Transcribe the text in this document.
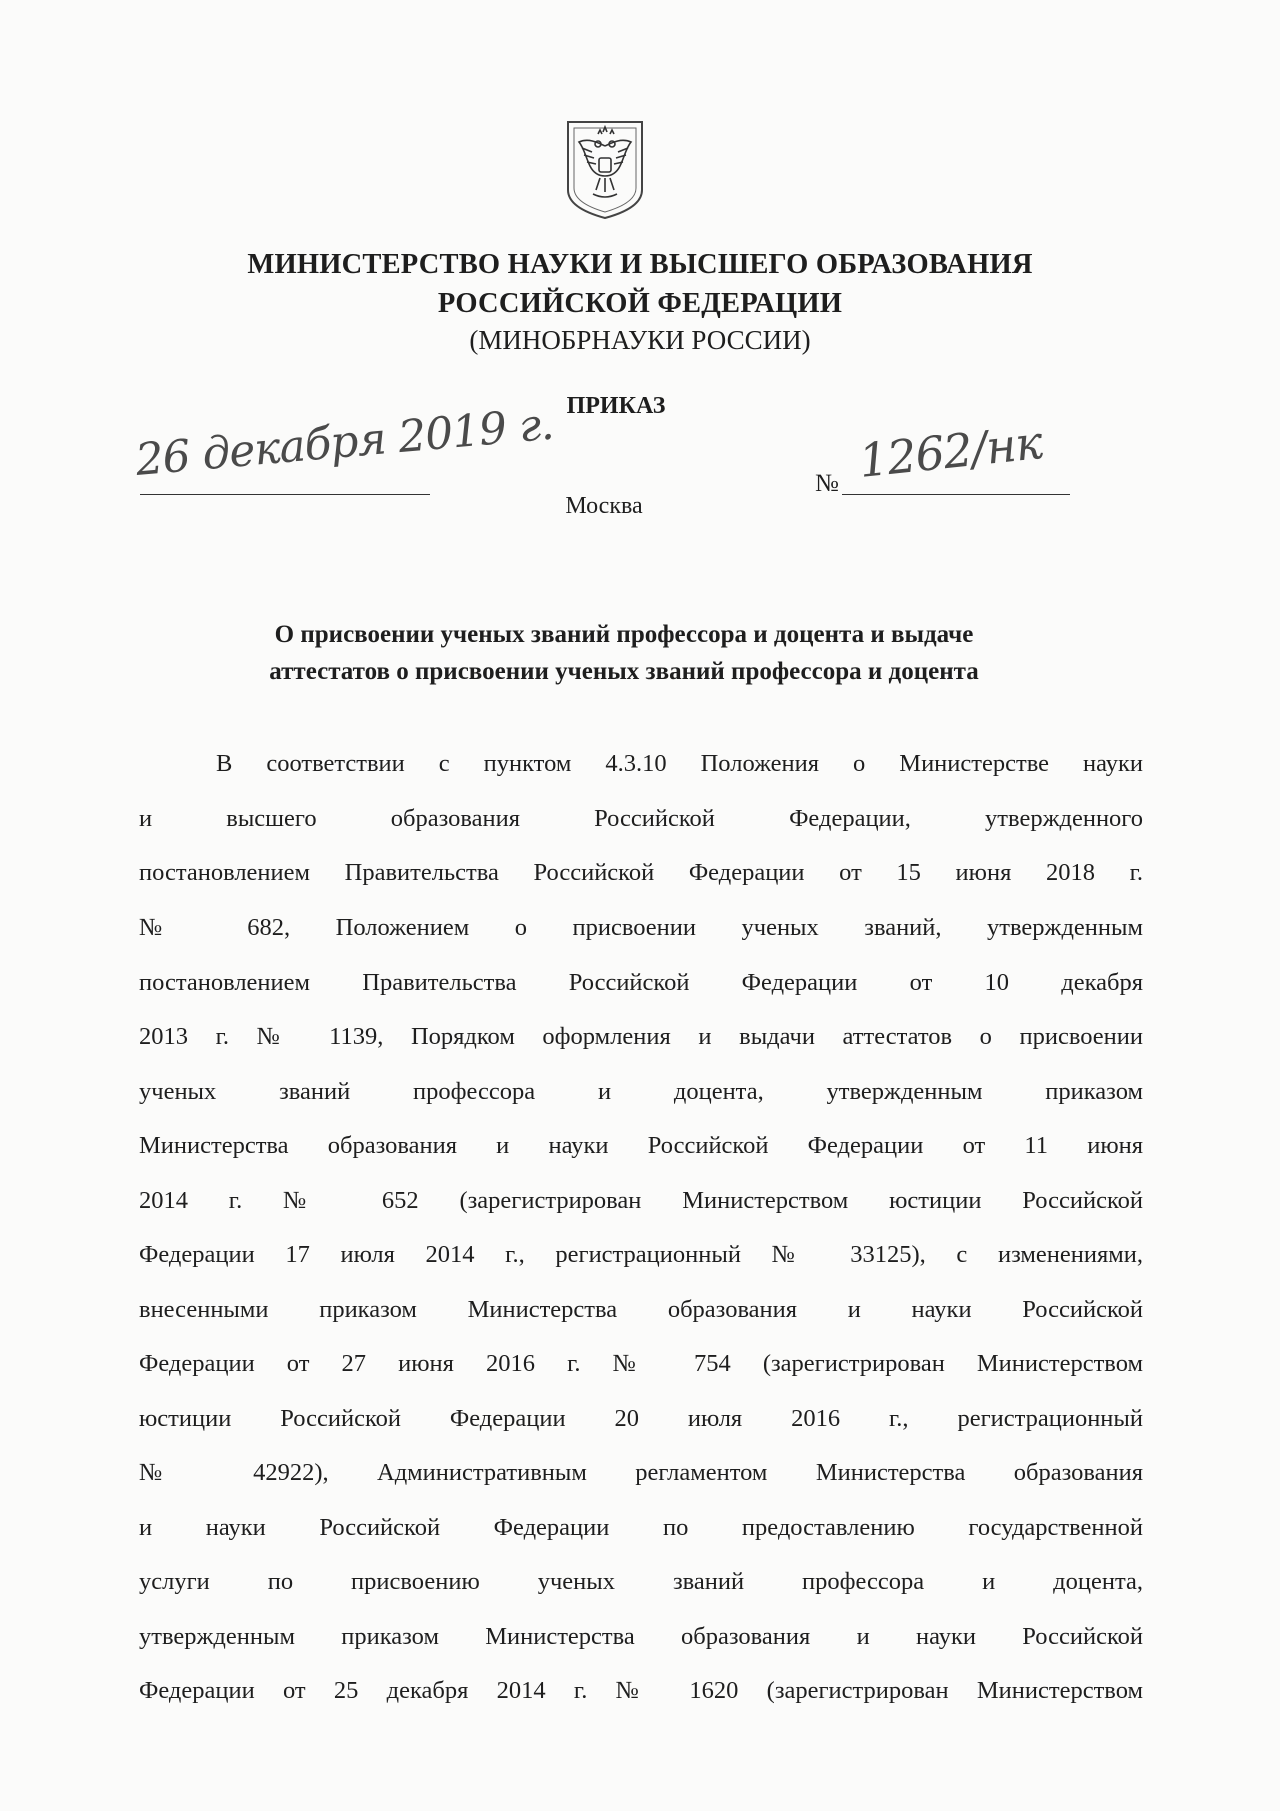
МИНИСТЕРСТВО НАУКИ И ВЫСШЕГО ОБРАЗОВАНИЯ
РОССИЙСКОЙ ФЕДЕРАЦИИ
(МИНОБРНАУКИ РОССИИ)
ПРИКАЗ
26 декабря 2019 г.	№ 1262/нк
Москва
О присвоении ученых званий профессора и доцента и выдаче
аттестатов о присвоении ученых званий профессора и доцента
В соответствии с пунктом 4.3.10 Положения о Министерстве науки
и высшего образования Российской Федерации, утвержденного
постановлением Правительства Российской Федерации от 15 июня 2018 г.
№ 682, Положением о присвоении ученых званий, утвержденным
постановлением Правительства Российской Федерации от 10 декабря
2013 г. № 1139, Порядком оформления и выдачи аттестатов о присвоении
ученых званий профессора и доцента, утвержденным приказом
Министерства образования и науки Российской Федерации от 11 июня
2014 г. № 652 (зарегистрирован Министерством юстиции Российской
Федерации 17 июля 2014 г., регистрационный № 33125), с изменениями,
внесенными приказом Министерства образования и науки Российской
Федерации от 27 июня 2016 г. № 754 (зарегистрирован Министерством
юстиции Российской Федерации 20 июля 2016 г., регистрационный
№ 42922), Административным регламентом Министерства образования
и науки Российской Федерации по предоставлению государственной
услуги по присвоению ученых званий профессора и доцента,
утвержденным приказом Министерства образования и науки Российской
Федерации от 25 декабря 2014 г. № 1620 (зарегистрирован Министерством
